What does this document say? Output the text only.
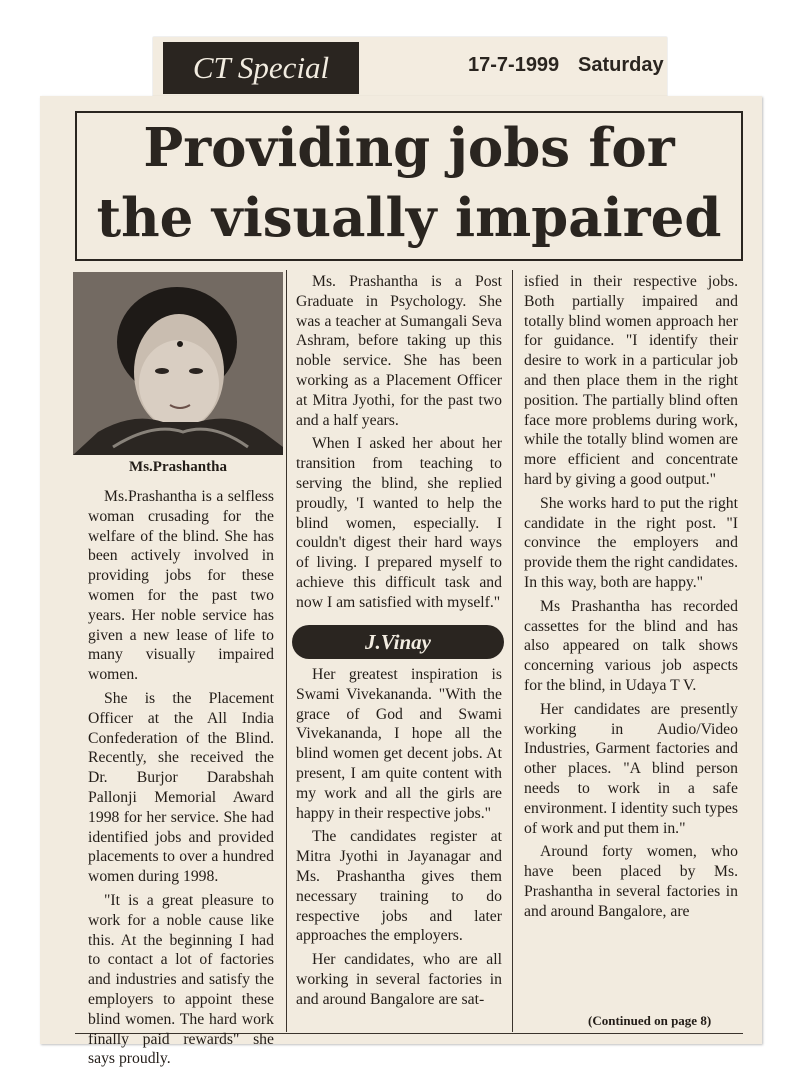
CT Special	17-7-1999 Saturday
Providing jobs for
the visually impaired
Ms.Prashantha

Ms.Prashantha is a selfless woman crusading for the welfare of the blind. She has been actively involved in providing jobs for these women for the past two years. Her noble service has given a new lease of life to many visually impaired women.

She is the Placement Officer at the All India Confederation of the Blind. Recently, she received the Dr. Burjor Darabshah Pallonji Memorial Award 1998 for her service. She had identified jobs and provided placements to over a hundred women during 1998.

"It is a great pleasure to work for a noble cause like this. At the beginning I had to contact a lot of factories and industries and satisfy the employers to appoint these blind women. The hard work finally paid rewards" she says proudly.

Ms. Prashantha is a Post Graduate in Psychology. She was a teacher at Sumangali Seva Ashram, before taking up this noble service. She has been working as a Placement Officer at Mitra Jyothi, for the past two and a half years.

When I asked her about her transition from teaching to serving the blind, she replied proudly, 'I wanted to help the blind women, especially. I couldn't digest their hard ways of living. I prepared myself to achieve this difficult task and now I am satisfied with myself."

J.Vinay

Her greatest inspiration is Swami Vivekananda. "With the grace of God and Swami Vivekananda, I hope all the blind women get decent jobs. At present, I am quite content with my work and all the girls are happy in their respective jobs."

The candidates register at Mitra Jyothi in Jayanagar and Ms. Prashantha gives them necessary training to do respective jobs and later approaches the employers.

Her candidates, who are all working in several factories in and around Bangalore are sat-

isfied in their respective jobs. Both partially impaired and totally blind women approach her for guidance. "I identify their desire to work in a particular job and then place them in the right position. The partially blind often face more problems during work, while the totally blind women are more efficient and concentrate hard by giving a good output."

She works hard to put the right candidate in the right post. "I convince the employers and provide them the right candidates. In this way, both are happy."

Ms Prashantha has recorded cassettes for the blind and has also appeared on talk shows concerning various job aspects for the blind, in Udaya T V.

Her candidates are presently working in Audio/Video Industries, Garment factories and other places. "A blind person needs to work in a safe environment. I identity such types of work and put them in."

Around forty women, who have been placed by Ms. Prashantha in several factories in and around Bangalore, are

(Continued on page 8)
